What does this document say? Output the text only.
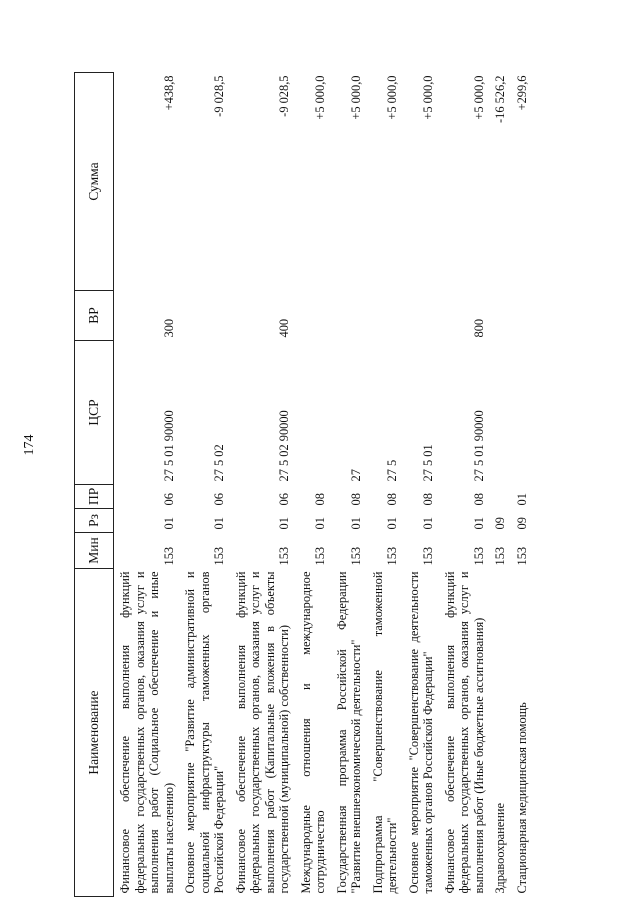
174
Наименование	Мин	Рз	ПР	ЦСР	ВР	Сумма
Финансовое обеспечение выполнения функций федеральных государственных органов, оказания услуг и выполнения работ (Социальное обеспечение и иные выплаты населению)	153	01	06	27 5 01 90000	300	+438,8
Основное мероприятие "Развитие административной и социальной инфраструктуры таможенных органов Российской Федерации"	153	01	06	27 5 02		-9 028,5
Финансовое обеспечение выполнения функций федеральных государственных органов, оказания услуг и выполнения работ (Капитальные вложения в объекты государственной (муниципальной) собственности)	153	01	06	27 5 02 90000	400	-9 028,5
Международные отношения и международное сотрудничество	153	01	08			+5 000,0
Государственная программа Российской Федерации "Развитие внешнеэкономической деятельности"	153	01	08	27		+5 000,0
Подпрограмма "Совершенствование таможенной деятельности"	153	01	08	27 5		+5 000,0
Основное мероприятие "Совершенствование деятельности таможенных органов Российской Федерации"	153	01	08	27 5 01		+5 000,0
Финансовое обеспечение выполнения функций федеральных государственных органов, оказания услуг и выполнения работ (Иные бюджетные ассигнования)	153	01	08	27 5 01 90000	800	+5 000,0
Здравоохранение	153	09				-16 526,2
Стационарная медицинская помощь	153	09	01			+299,6
